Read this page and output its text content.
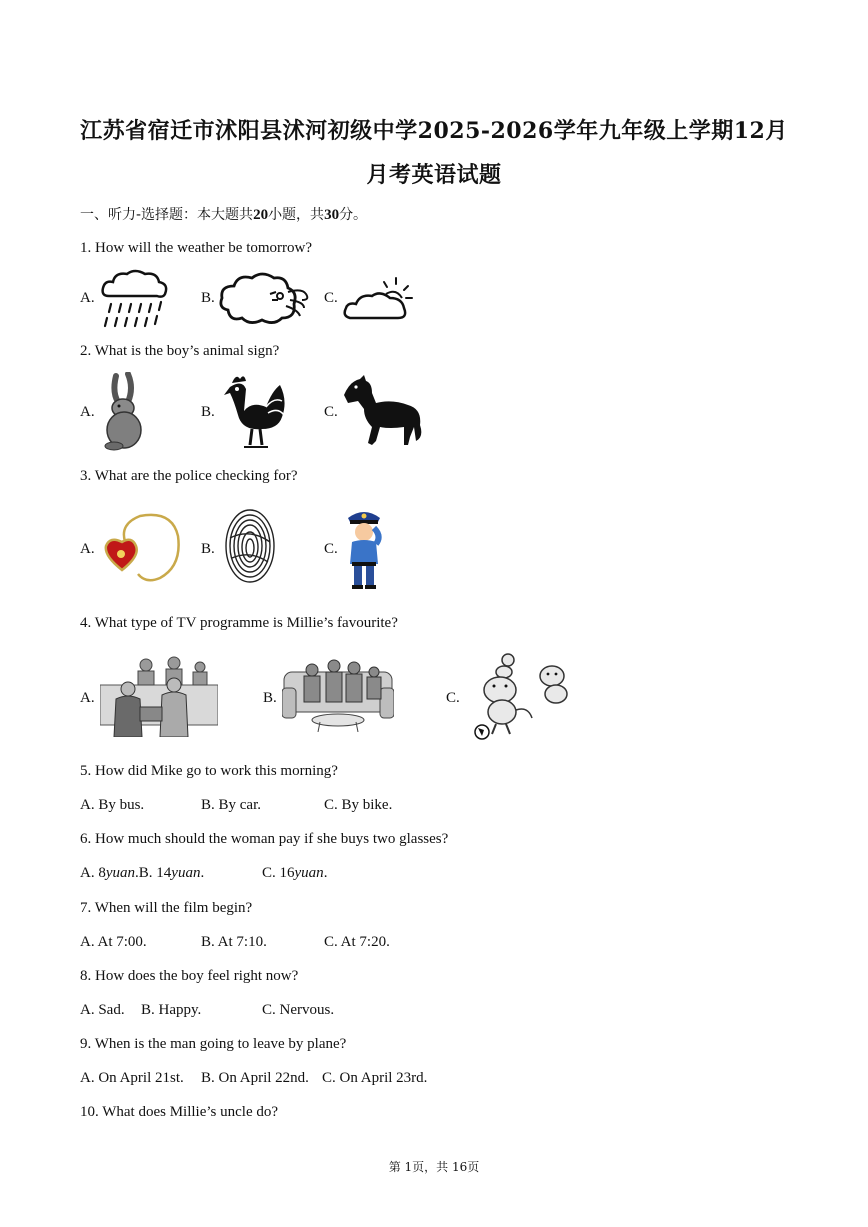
江苏省宿迁市沭阳县沭河初级中学2025-2026学年九年级上学期12月
月考英语试题
一、听力-选择题：本大题共20小题，共30分。
1. How will the weather be tomorrow?
A.	B.	C.
2. What is the boy’s animal sign?
A.	B.	C.
3. What are the police checking for?
A.	B.	C.
4. What type of TV programme is Millie’s favourite?
A.	B.	C.
5. How did Mike go to work this morning?
A. By bus.	B. By car.	C. By bike.
6. How much should the woman pay if she buys two glasses?
A. 8yuan.B. 14yuan.	C. 16yuan.
7. When will the film begin?
A. At 7:00.	B. At 7:10.	C. At 7:20.
8. How does the boy feel right now?
A. Sad. B. Happy.	C. Nervous.
9. When is the man going to leave by plane?
A. On April 21st. B. On April 22nd. C. On April 23rd.
10. What does Millie’s uncle do?
第 1页，共 16页
